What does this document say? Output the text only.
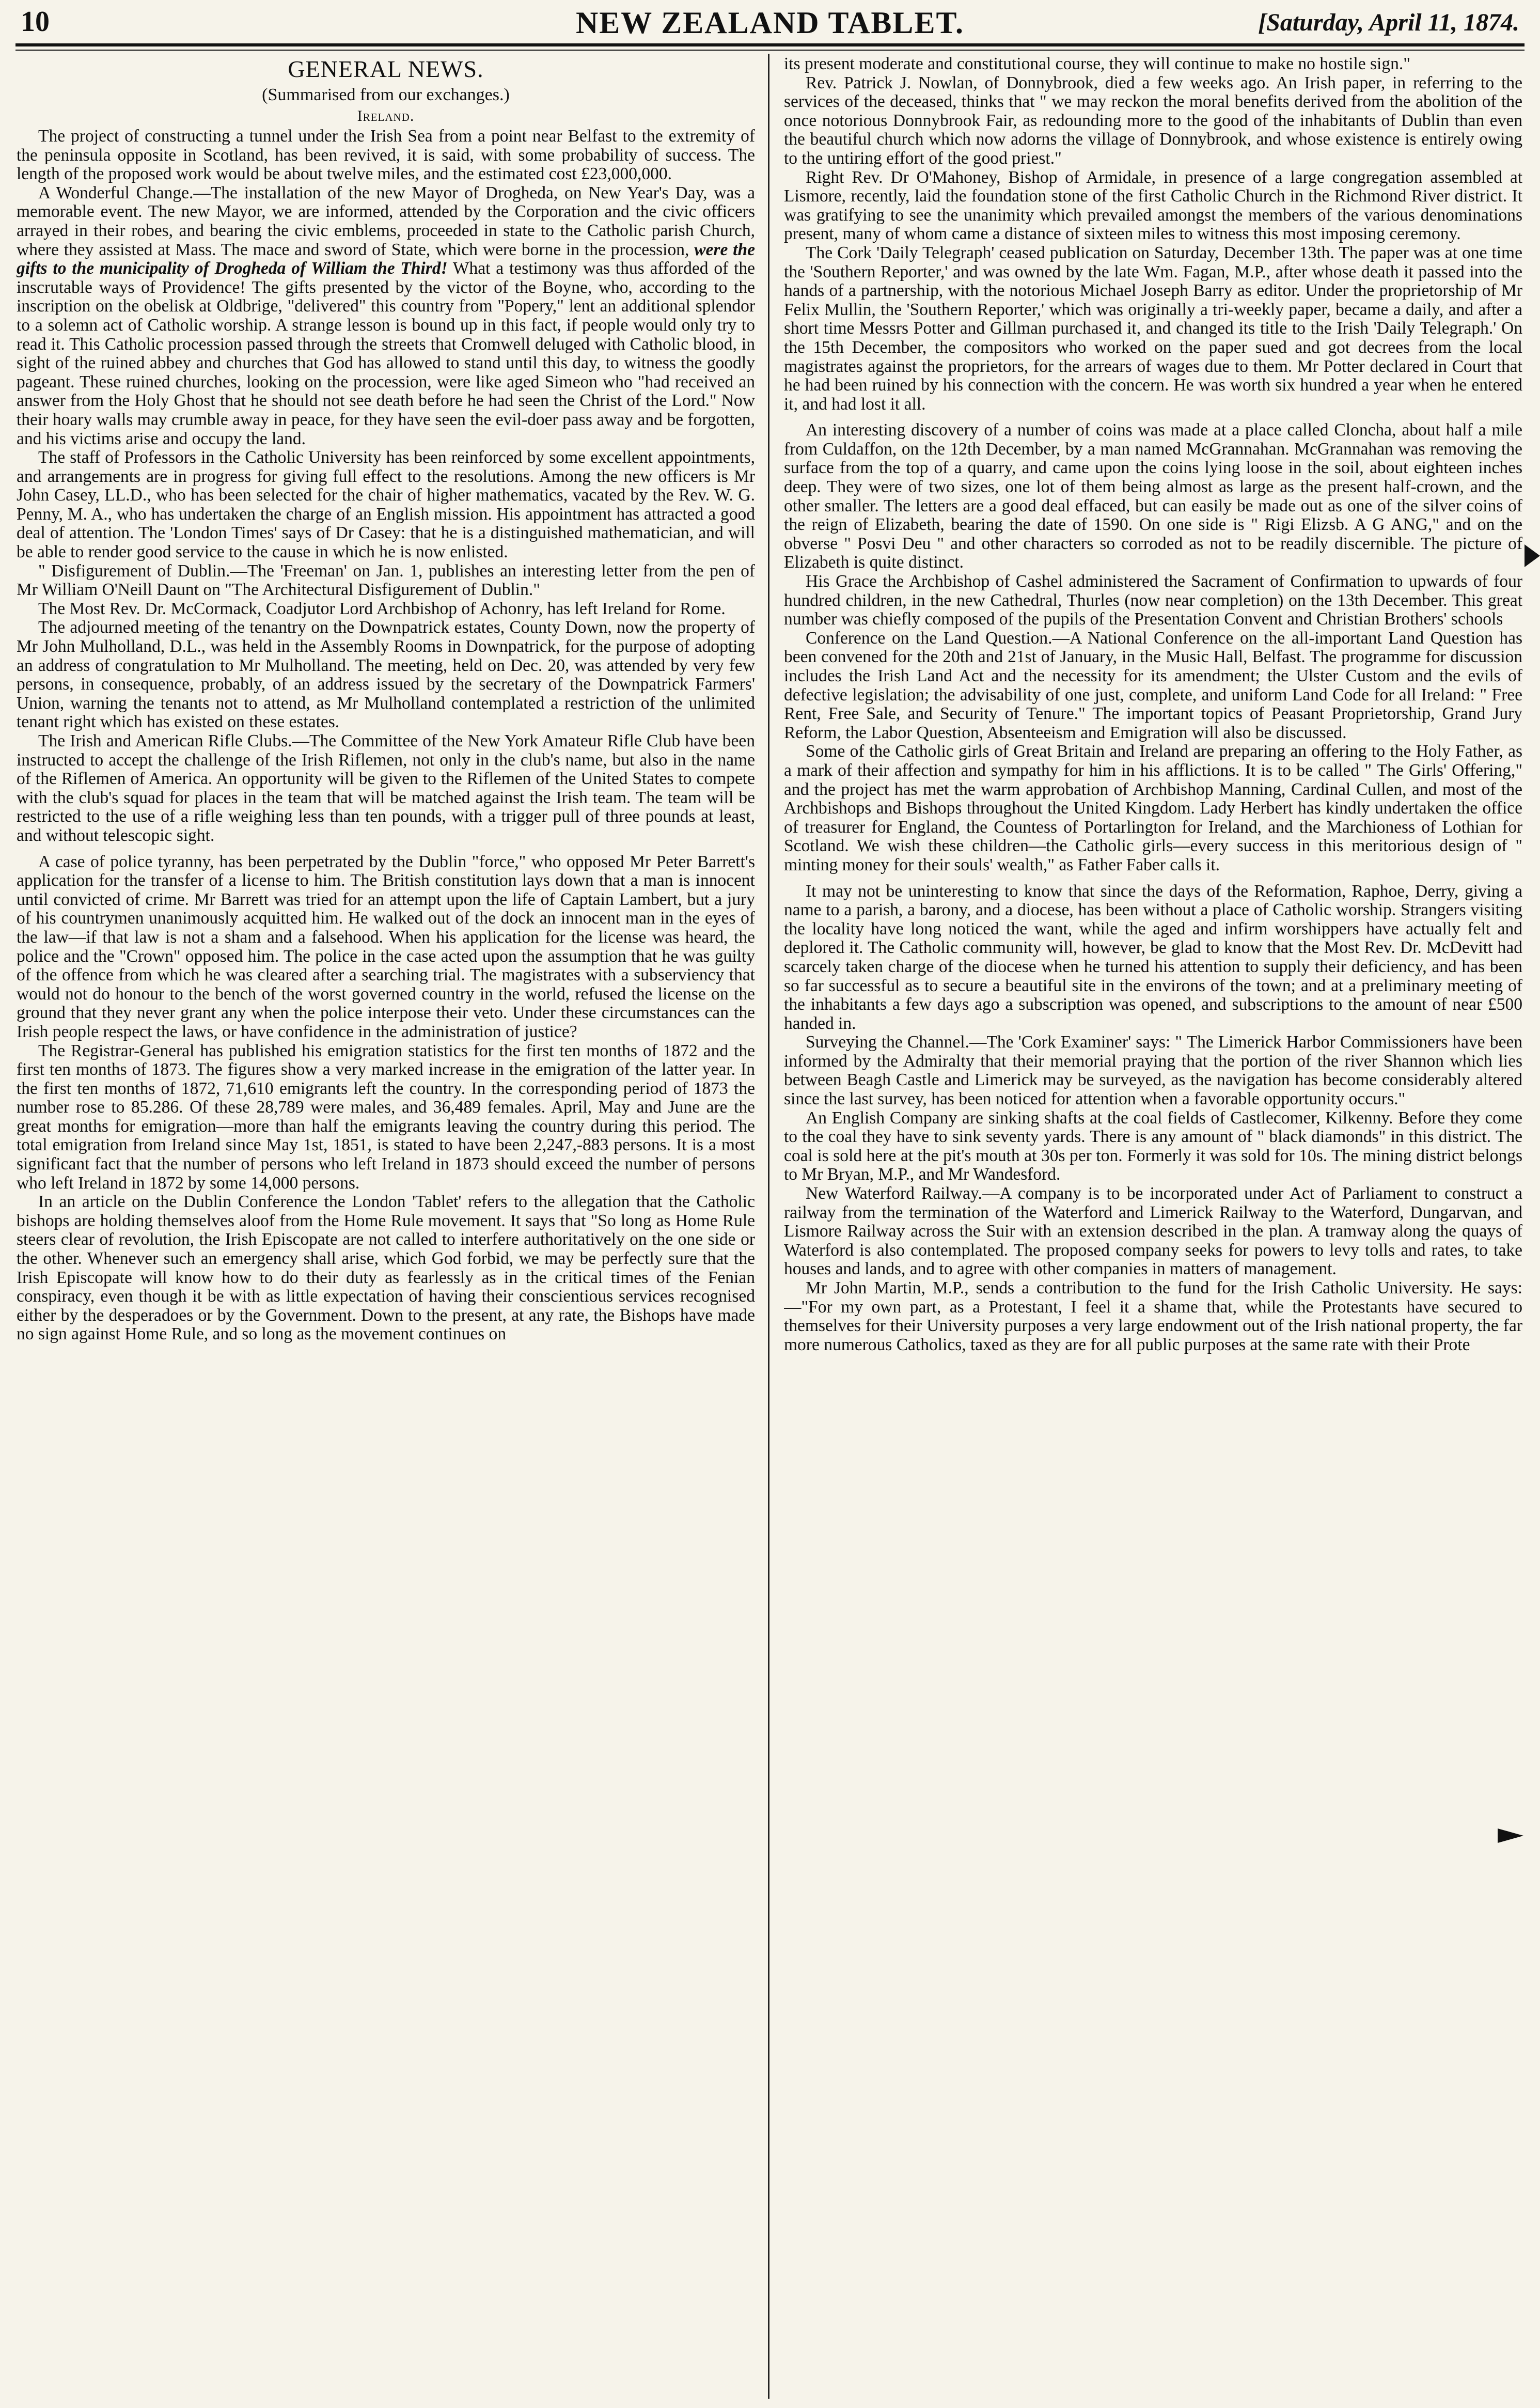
10	NEW ZEALAND TABLET.	[Saturday, April 11, 1874.
GENERAL NEWS.
(Summarised from our exchanges.)
Ireland.

The project of constructing a tunnel under the Irish Sea from a point near Belfast to the extremity of the peninsula opposite in Scotland, has been revived, it is said, with some probability of success. The length of the proposed work would be about twelve miles, and the estimated cost £23,000,000.

A Wonderful Change.—The installation of the new Mayor of Drogheda, on New Year's Day, was a memorable event. The new Mayor, we are informed, attended by the Corporation and the civic officers arrayed in their robes, and bearing the civic emblems, proceeded in state to the Catholic parish Church, where they assisted at Mass. The mace and sword of State, which were borne in the procession, were the gifts to the municipality of Drogheda of William the Third! What a testimony was thus afforded of the inscrutable ways of Providence! The gifts presented by the victor of the Boyne, who, according to the inscription on the obelisk at Oldbrige, "delivered" this country from "Popery," lent an additional splendor to a solemn act of Catholic worship. A strange lesson is bound up in this fact, if people would only try to read it. This Catholic procession passed through the streets that Cromwell deluged with Catholic blood, in sight of the ruined abbey and churches that God has allowed to stand until this day, to witness the goodly pageant. These ruined churches, looking on the procession, were like aged Simeon who "had received an answer from the Holy Ghost that he should not see death before he had seen the Christ of the Lord." Now their hoary walls may crumble away in peace, for they have seen the evil-doer pass away and be forgotten, and his victims arise and occupy the land.

The staff of Professors in the Catholic University has been reinforced by some excellent appointments, and arrangements are in progress for giving full effect to the resolutions. Among the new officers is Mr John Casey, LL.D., who has been selected for the chair of higher mathematics, vacated by the Rev. W. G. Penny, M. A., who has undertaken the charge of an English mission. His appointment has attracted a good deal of attention. The 'London Times' says of Dr Casey: that he is a distinguished mathematician, and will be able to render good service to the cause in which he is now enlisted.

" Disfigurement of Dublin.—The 'Freeman' on Jan. 1, publishes an interesting letter from the pen of Mr William O'Neill Daunt on "The Architectural Disfigurement of Dublin."

The Most Rev. Dr. McCormack, Coadjutor Lord Archbishop of Achonry, has left Ireland for Rome.

The adjourned meeting of the tenantry on the Downpatrick estates, County Down, now the property of Mr John Mulholland, D.L., was held in the Assembly Rooms in Downpatrick, for the purpose of adopting an address of congratulation to Mr Mulholland. The meeting, held on Dec. 20, was attended by very few persons, in consequence, probably, of an address issued by the secretary of the Downpatrick Farmers' Union, warning the tenants not to attend, as Mr Mulholland contemplated a restriction of the unlimited tenant right which has existed on these estates.

The Irish and American Rifle Clubs.—The Committee of the New York Amateur Rifle Club have been instructed to accept the challenge of the Irish Riflemen, not only in the club's name, but also in the name of the Riflemen of America. An opportunity will be given to the Riflemen of the United States to compete with the club's squad for places in the team that will be matched against the Irish team. The team will be restricted to the use of a rifle weighing less than ten pounds, with a trigger pull of three pounds at least, and without telescopic sight.

A case of police tyranny, has been perpetrated by the Dublin "force," who opposed Mr Peter Barrett's application for the transfer of a license to him. The British constitution lays down that a man is innocent until convicted of crime. Mr Barrett was tried for an attempt upon the life of Captain Lambert, but a jury of his countrymen unanimously acquitted him. He walked out of the dock an innocent man in the eyes of the law—if that law is not a sham and a falsehood. When his application for the license was heard, the police and the "Crown" opposed him. The police in the case acted upon the assumption that he was guilty of the offence from which he was cleared after a searching trial. The magistrates with a subserviency that would not do honour to the bench of the worst governed country in the world, refused the license on the ground that they never grant any when the police interpose their veto. Under these circumstances can the Irish people respect the laws, or have confidence in the administration of justice?

The Registrar-General has published his emigration statistics for the first ten months of 1872 and the first ten months of 1873. The figures show a very marked increase in the emigration of the latter year. In the first ten months of 1872, 71,610 emigrants left the country. In the corresponding period of 1873 the number rose to 85.286. Of these 28,789 were males, and 36,489 females. April, May and June are the great months for emigration—more than half the emigrants leaving the country during this period. The total emigration from Ireland since May 1st, 1851, is stated to have been 2,247,-883 persons. It is a most significant fact that the number of persons who left Ireland in 1873 should exceed the number of persons who left Ireland in 1872 by some 14,000 persons.

In an article on the Dublin Conference the London 'Tablet' refers to the allegation that the Catholic bishops are holding themselves aloof from the Home Rule movement. It says that "So long as Home Rule steers clear of revolution, the Irish Episcopate are not called to interfere authoritatively on the one side or the other. Whenever such an emergency shall arise, which God forbid, we may be perfectly sure that the Irish Episcopate will know how to do their duty as fearlessly as in the critical times of the Fenian conspiracy, even though it be with as little expectation of having their conscientious services recognised either by the desperadoes or by the Government. Down to the present, at any rate, the Bishops have made no sign against Home Rule, and so long as the movement continues on

its present moderate and constitutional course, they will continue to make no hostile sign."

Rev. Patrick J. Nowlan, of Donnybrook, died a few weeks ago. An Irish paper, in referring to the services of the deceased, thinks that " we may reckon the moral benefits derived from the abolition of the once notorious Donnybrook Fair, as redounding more to the good of the inhabitants of Dublin than even the beautiful church which now adorns the village of Donnybrook, and whose existence is entirely owing to the untiring effort of the good priest."

Right Rev. Dr O'Mahoney, Bishop of Armidale, in presence of a large congregation assembled at Lismore, recently, laid the foundation stone of the first Catholic Church in the Richmond River district. It was gratifying to see the unanimity which prevailed amongst the members of the various denominations present, many of whom came a distance of sixteen miles to witness this most imposing ceremony.

The Cork 'Daily Telegraph' ceased publication on Saturday, December 13th. The paper was at one time the 'Southern Reporter,' and was owned by the late Wm. Fagan, M.P., after whose death it passed into the hands of a partnership, with the notorious Michael Joseph Barry as editor. Under the proprietorship of Mr Felix Mullin, the 'Southern Reporter,' which was originally a tri-weekly paper, became a daily, and after a short time Messrs Potter and Gillman purchased it, and changed its title to the Irish 'Daily Telegraph.' On the 15th December, the compositors who worked on the paper sued and got decrees from the local magistrates against the proprietors, for the arrears of wages due to them. Mr Potter declared in Court that he had been ruined by his connection with the concern. He was worth six hundred a year when he entered it, and had lost it all.

An interesting discovery of a number of coins was made at a place called Cloncha, about half a mile from Culdaffon, on the 12th December, by a man named McGrannahan. McGrannahan was removing the surface from the top of a quarry, and came upon the coins lying loose in the soil, about eighteen inches deep. They were of two sizes, one lot of them being almost as large as the present half-crown, and the other smaller. The letters are a good deal effaced, but can easily be made out as one of the silver coins of the reign of Elizabeth, bearing the date of 1590. On one side is " Rigi Elizsb. A G ANG," and on the obverse " Posvi Deu " and other characters so corroded as not to be readily discernible. The picture of Elizabeth is quite distinct.

His Grace the Archbishop of Cashel administered the Sacrament of Confirmation to upwards of four hundred children, in the new Cathedral, Thurles (now near completion) on the 13th December. This great number was chiefly composed of the pupils of the Presentation Convent and Christian Brothers' schools

Conference on the Land Question.—A National Conference on the all-important Land Question has been convened for the 20th and 21st of January, in the Music Hall, Belfast. The programme for discussion includes the Irish Land Act and the necessity for its amendment; the Ulster Custom and the evils of defective legislation; the advisability of one just, complete, and uniform Land Code for all Ireland: " Free Rent, Free Sale, and Security of Tenure." The important topics of Peasant Proprietorship, Grand Jury Reform, the Labor Question, Absenteeism and Emigration will also be discussed.

Some of the Catholic girls of Great Britain and Ireland are preparing an offering to the Holy Father, as a mark of their affection and sympathy for him in his afflictions. It is to be called " The Girls' Offering," and the project has met the warm approbation of Archbishop Manning, Cardinal Cullen, and most of the Archbishops and Bishops throughout the United Kingdom. Lady Herbert has kindly undertaken the office of treasurer for England, the Countess of Portarlington for Ireland, and the Marchioness of Lothian for Scotland. We wish these children—the Catholic girls—every success in this meritorious design of " minting money for their souls' wealth," as Father Faber calls it.

It may not be uninteresting to know that since the days of the Reformation, Raphoe, Derry, giving a name to a parish, a barony, and a diocese, has been without a place of Catholic worship. Strangers visiting the locality have long noticed the want, while the aged and infirm worshippers have actually felt and deplored it. The Catholic community will, however, be glad to know that the Most Rev. Dr. McDevitt had scarcely taken charge of the diocese when he turned his attention to supply their deficiency, and has been so far successful as to secure a beautiful site in the environs of the town; and at a preliminary meeting of the inhabitants a few days ago a subscription was opened, and subscriptions to the amount of near £500 handed in.

Surveying the Channel.—The 'Cork Examiner' says: " The Limerick Harbor Commissioners have been informed by the Admiralty that their memorial praying that the portion of the river Shannon which lies between Beagh Castle and Limerick may be surveyed, as the navigation has become considerably altered since the last survey, has been noticed for attention when a favorable opportunity occurs."

An English Company are sinking shafts at the coal fields of Castlecomer, Kilkenny. Before they come to the coal they have to sink seventy yards. There is any amount of " black diamonds" in this district. The coal is sold here at the pit's mouth at 30s per ton. Formerly it was sold for 10s. The mining district belongs to Mr Bryan, M.P., and Mr Wandesford.

New Waterford Railway.—A company is to be incorporated under Act of Parliament to construct a railway from the termination of the Waterford and Limerick Railway to the Waterford, Dungarvan, and Lismore Railway across the Suir with an extension described in the plan. A tramway along the quays of Waterford is also contemplated. The proposed company seeks for powers to levy tolls and rates, to take houses and lands, and to agree with other companies in matters of management.

Mr John Martin, M.P., sends a contribution to the fund for the Irish Catholic University. He says:—"For my own part, as a Protestant, I feel it a shame that, while the Protestants have secured to themselves for their University purposes a very large endowment out of the Irish national property, the far more numerous Catholics, taxed as they are for all public purposes at the same rate with their Prote
